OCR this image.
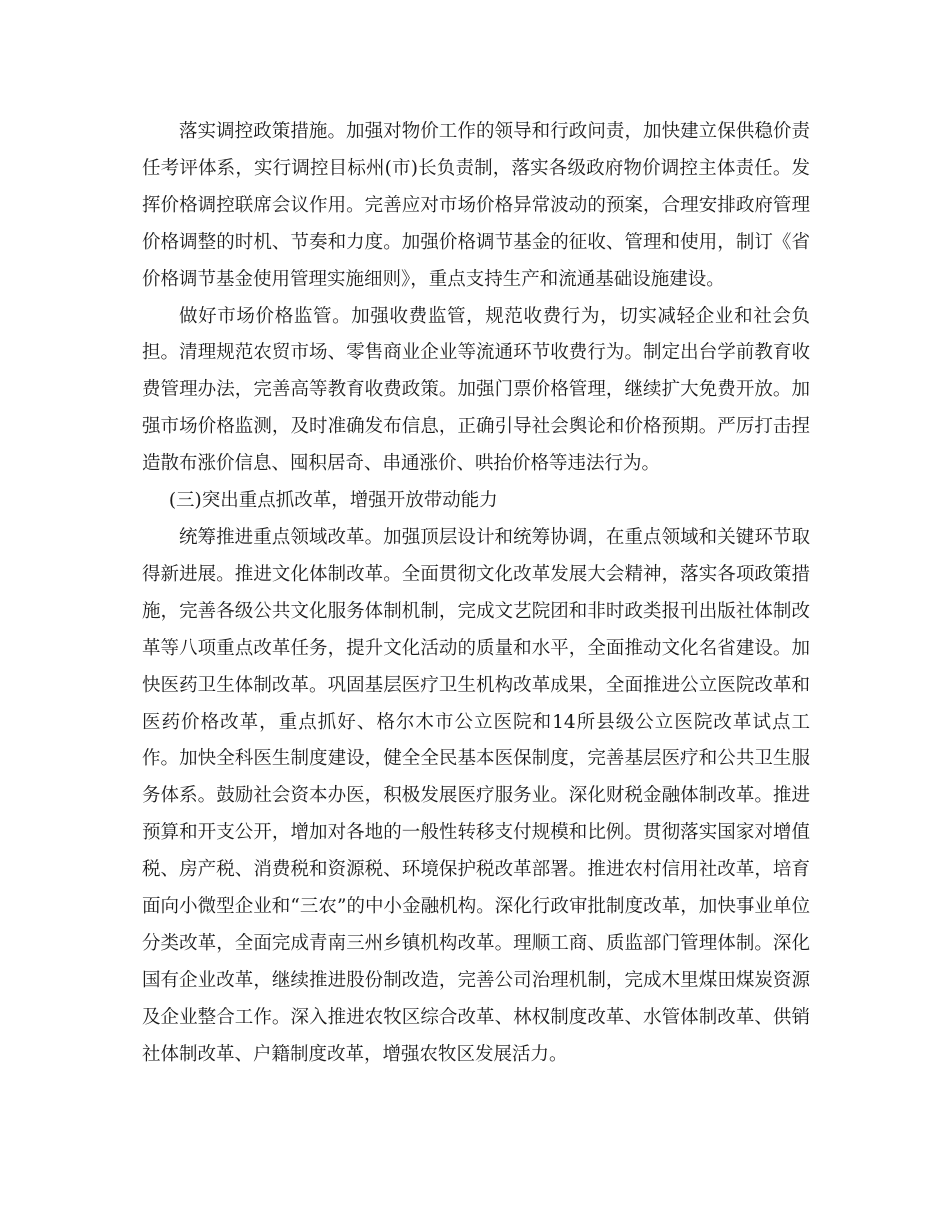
落实调控政策措施。加强对物价工作的领导和行政问责，加快建立保供稳价责任考评体系，实行调控目标州(市)长负责制，落实各级政府物价调控主体责任。发挥价格调控联席会议作用。完善应对市场价格异常波动的预案，合理安排政府管理价格调整的时机、节奏和力度。加强价格调节基金的征收、管理和使用，制订《省价格调节基金使用管理实施细则》，重点支持生产和流通基础设施建设。

做好市场价格监管。加强收费监管，规范收费行为，切实减轻企业和社会负担。清理规范农贸市场、零售商业企业等流通环节收费行为。制定出台学前教育收费管理办法，完善高等教育收费政策。加强门票价格管理，继续扩大免费开放。加强市场价格监测，及时准确发布信息，正确引导社会舆论和价格预期。严厉打击捏造散布涨价信息、囤积居奇、串通涨价、哄抬价格等违法行为。

(三)突出重点抓改革，增强开放带动能力

统筹推进重点领域改革。加强顶层设计和统筹协调，在重点领域和关键环节取得新进展。推进文化体制改革。全面贯彻文化改革发展大会精神，落实各项政策措施，完善各级公共文化服务体制机制，完成文艺院团和非时政类报刊出版社体制改革等八项重点改革任务，提升文化活动的质量和水平，全面推动文化名省建设。加快医药卫生体制改革。巩固基层医疗卫生机构改革成果，全面推进公立医院改革和医药价格改革，重点抓好、格尔木市公立医院和14所县级公立医院改革试点工作。加快全科医生制度建设，健全全民基本医保制度，完善基层医疗和公共卫生服务体系。鼓励社会资本办医，积极发展医疗服务业。深化财税金融体制改革。推进预算和开支公开，增加对各地的一般性转移支付规模和比例。贯彻落实国家对增值税、房产税、消费税和资源税、环境保护税改革部署。推进农村信用社改革，培育面向小微型企业和“三农”的中小金融机构。深化行政审批制度改革，加快事业单位分类改革，全面完成青南三州乡镇机构改革。理顺工商、质监部门管理体制。深化国有企业改革，继续推进股份制改造，完善公司治理机制，完成木里煤田煤炭资源及企业整合工作。深入推进农牧区综合改革、林权制度改革、水管体制改革、供销社体制改革、户籍制度改革，增强农牧区发展活力。
